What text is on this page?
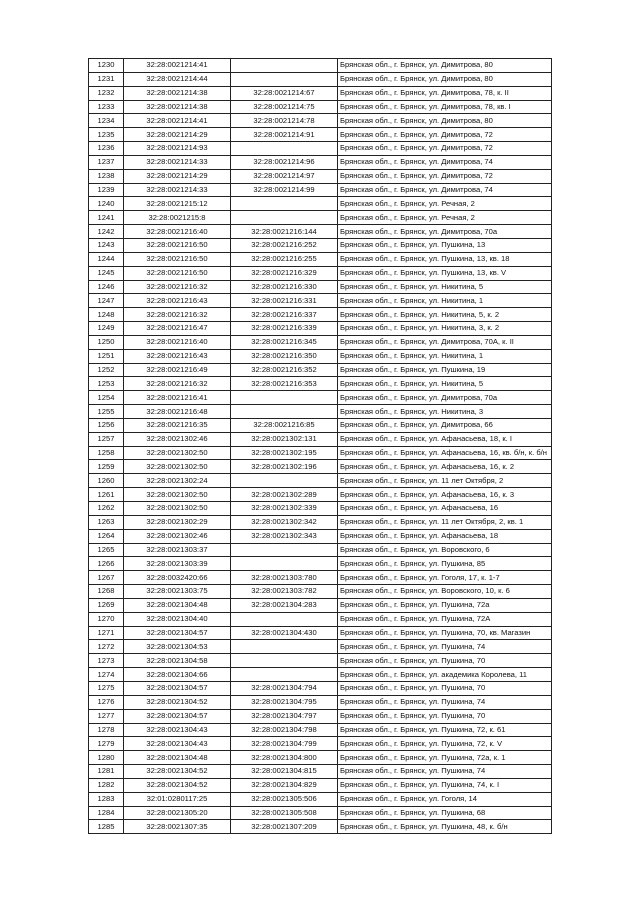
1230	32:28:0021214:41		Брянская обл., г. Брянск, ул. Димитрова, 80
1231	32:28:0021214:44		Брянская обл., г. Брянск, ул. Димитрова, 80
1232	32:28:0021214:38	32:28:0021214:67	Брянская обл., г. Брянск, ул. Димитрова, 78, к. II
1233	32:28:0021214:38	32:28:0021214:75	Брянская обл., г. Брянск, ул. Димитрова, 78, кв. I
1234	32:28:0021214:41	32:28:0021214:78	Брянская обл., г. Брянск, ул. Димитрова, 80
1235	32:28:0021214:29	32:28:0021214:91	Брянская обл., г. Брянск, ул. Димитрова, 72
1236	32:28:0021214:93		Брянская обл., г. Брянск, ул. Димитрова, 72
1237	32:28:0021214:33	32:28:0021214:96	Брянская обл., г. Брянск, ул. Димитрова, 74
1238	32:28:0021214:29	32:28:0021214:97	Брянская обл., г. Брянск, ул. Димитрова, 72
1239	32:28:0021214:33	32:28:0021214:99	Брянская обл., г. Брянск, ул. Димитрова, 74
1240	32:28:0021215:12		Брянская обл., г. Брянск, ул. Речная, 2
1241	32:28:0021215:8		Брянская обл., г. Брянск, ул. Речная, 2
1242	32:28:0021216:40	32:28:0021216:144	Брянская обл., г. Брянск, ул. Димитрова, 70а
1243	32:28:0021216:50	32:28:0021216:252	Брянская обл., г. Брянск, ул. Пушкина, 13
1244	32:28:0021216:50	32:28:0021216:255	Брянская обл., г. Брянск, ул. Пушкина, 13, кв. 18
1245	32:28:0021216:50	32:28:0021216:329	Брянская обл., г. Брянск, ул. Пушкина, 13, кв. V
1246	32:28:0021216:32	32:28:0021216:330	Брянская обл., г. Брянск, ул. Никитина, 5
1247	32:28:0021216:43	32:28:0021216:331	Брянская обл., г. Брянск, ул. Никитина, 1
1248	32:28:0021216:32	32:28:0021216:337	Брянская обл., г. Брянск, ул. Никитина, 5, к. 2
1249	32:28:0021216:47	32:28:0021216:339	Брянская обл., г. Брянск, ул. Никитина, 3, к. 2
1250	32:28:0021216:40	32:28:0021216:345	Брянская обл., г. Брянск, ул. Димитрова, 70А, к. II
1251	32:28:0021216:43	32:28:0021216:350	Брянская обл., г. Брянск, ул. Никитина, 1
1252	32:28:0021216:49	32:28:0021216:352	Брянская обл., г. Брянск, ул. Пушкина, 19
1253	32:28:0021216:32	32:28:0021216:353	Брянская обл., г. Брянск, ул. Никитина, 5
1254	32:28:0021216:41		Брянская обл., г. Брянск, ул. Димитрова, 70а
1255	32:28:0021216:48		Брянская обл., г. Брянск, ул. Никитина, 3
1256	32:28:0021216:35	32:28:0021216:85	Брянская обл., г. Брянск, ул. Димитрова, 66
1257	32:28:0021302:46	32:28:0021302:131	Брянская обл., г. Брянск, ул. Афанасьева, 18, к. I
1258	32:28:0021302:50	32:28:0021302:195	Брянская обл., г. Брянск, ул. Афанасьева, 16, кв. б/н, к. б/н
1259	32:28:0021302:50	32:28:0021302:196	Брянская обл., г. Брянск, ул. Афанасьева, 16, к. 2
1260	32:28:0021302:24		Брянская обл., г. Брянск, ул. 11 лет Октября, 2
1261	32:28:0021302:50	32:28:0021302:289	Брянская обл., г. Брянск, ул. Афанасьева, 16, к. 3
1262	32:28:0021302:50	32:28:0021302:339	Брянская обл., г. Брянск, ул. Афанасьева, 16
1263	32:28:0021302:29	32:28:0021302:342	Брянская обл., г. Брянск, ул. 11 лет Октября, 2, кв. 1
1264	32:28:0021302:46	32:28:0021302:343	Брянская обл., г. Брянск, ул. Афанасьева, 18
1265	32:28:0021303:37		Брянская обл., г. Брянск, ул. Воровского, 6
1266	32:28:0021303:39		Брянская обл., г. Брянск, ул. Пушкина, 85
1267	32:28:0032420:66	32:28:0021303:780	Брянская обл., г. Брянск, ул. Гоголя, 17, к. 1-7
1268	32:28:0021303:75	32:28:0021303:782	Брянская обл., г. Брянск, ул. Воровского, 10, к. 6
1269	32:28:0021304:48	32:28:0021304:283	Брянская обл., г. Брянск, ул. Пушкина, 72а
1270	32:28:0021304:40		Брянская обл., г. Брянск, ул. Пушкина, 72А
1271	32:28:0021304:57	32:28:0021304:430	Брянская обл., г. Брянск, ул. Пушкина, 70, кв. Магазин
1272	32:28:0021304:53		Брянская обл., г. Брянск, ул. Пушкина, 74
1273	32:28:0021304:58		Брянская обл., г. Брянск, ул. Пушкина, 70
1274	32:28:0021304:66		Брянская обл., г. Брянск, ул. академика Королева, 11
1275	32:28:0021304:57	32:28:0021304:794	Брянская обл., г. Брянск, ул. Пушкина, 70
1276	32:28:0021304:52	32:28:0021304:795	Брянская обл., г. Брянск, ул. Пушкина, 74
1277	32:28:0021304:57	32:28:0021304:797	Брянская обл., г. Брянск, ул. Пушкина, 70
1278	32:28:0021304:43	32:28:0021304:798	Брянская обл., г. Брянск, ул. Пушкина, 72, к. 61
1279	32:28:0021304:43	32:28:0021304:799	Брянская обл., г. Брянск, ул. Пушкина, 72, к. V
1280	32:28:0021304:48	32:28:0021304:800	Брянская обл., г. Брянск, ул. Пушкина, 72а, к. 1
1281	32:28:0021304:52	32:28:0021304:815	Брянская обл., г. Брянск, ул. Пушкина, 74
1282	32:28:0021304:52	32:28:0021304:829	Брянская обл., г. Брянск, ул. Пушкина, 74, к. I
1283	32:01:0280117:25	32:28:0021305:506	Брянская обл., г. Брянск, ул. Гоголя, 14
1284	32:28:0021305:20	32:28:0021305:508	Брянская обл., г. Брянск, ул. Пушкина, 68
1285	32:28:0021307:35	32:28:0021307:209	Брянская обл., г. Брянск, ул. Пушкина, 48, к. б/н
